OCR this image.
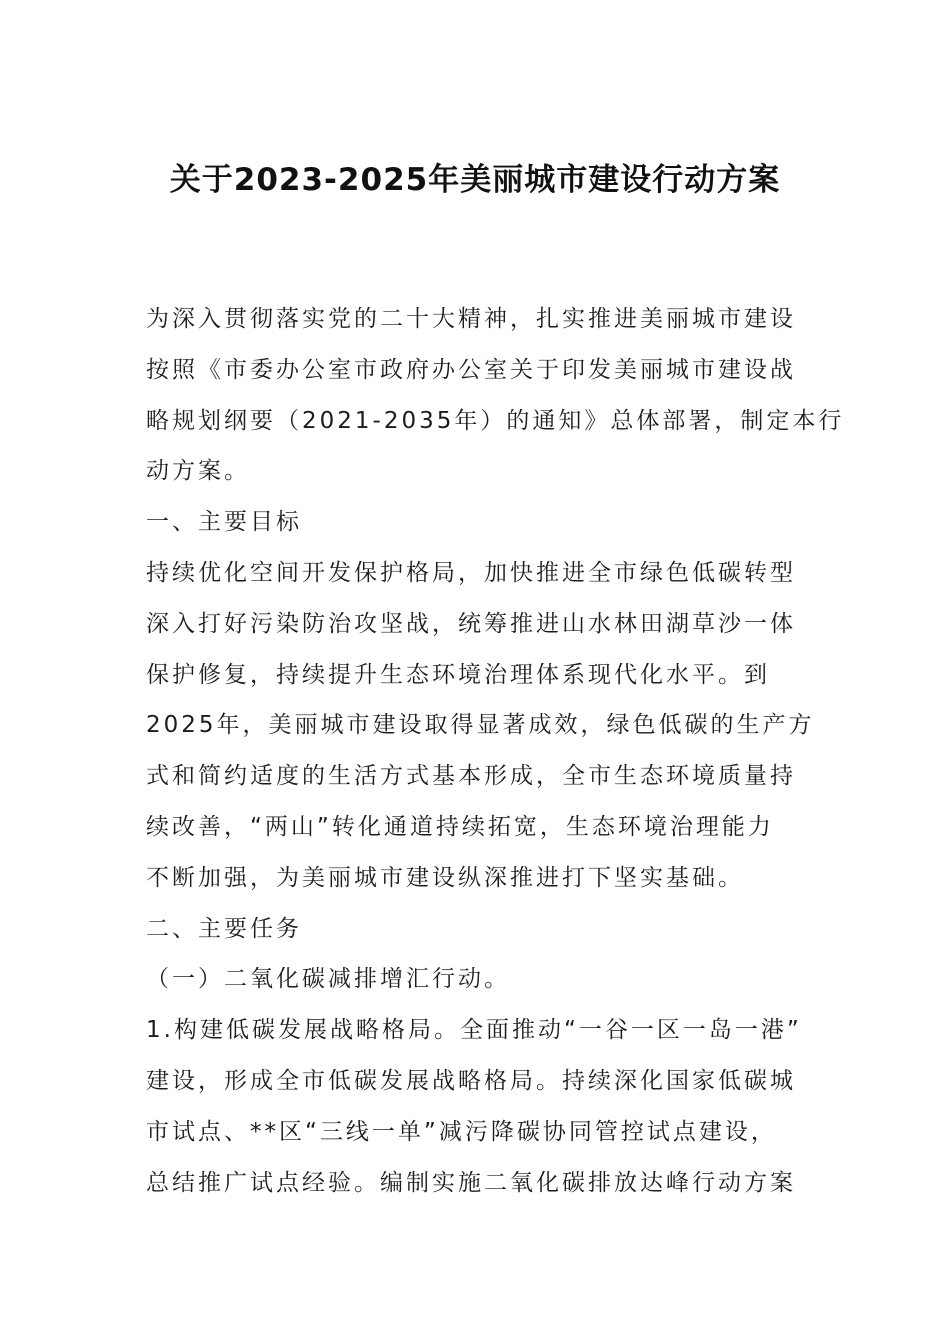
关于2023-2025年美丽城市建设行动方案
为深入贯彻落实党的二十大精神，扎实推进美丽城市建设
按照《市委办公室市政府办公室关于印发美丽城市建设战
略规划纲要（2021-2035年）的通知》总体部署，制定本行
动方案。
一、主要目标
持续优化空间开发保护格局，加快推进全市绿色低碳转型
深入打好污染防治攻坚战，统筹推进山水林田湖草沙一体
保护修复，持续提升生态环境治理体系现代化水平。到
2025年，美丽城市建设取得显著成效，绿色低碳的生产方
式和简约适度的生活方式基本形成，全市生态环境质量持
续改善，“两山”转化通道持续拓宽，生态环境治理能力
不断加强，为美丽城市建设纵深推进打下坚实基础。
二、主要任务
（一）二氧化碳减排增汇行动。
1.构建低碳发展战略格局。全面推动“一谷一区一岛一港”
建设，形成全市低碳发展战略格局。持续深化国家低碳城
市试点、**区“三线一单”减污降碳协同管控试点建设，
总结推广试点经验。编制实施二氧化碳排放达峰行动方案
